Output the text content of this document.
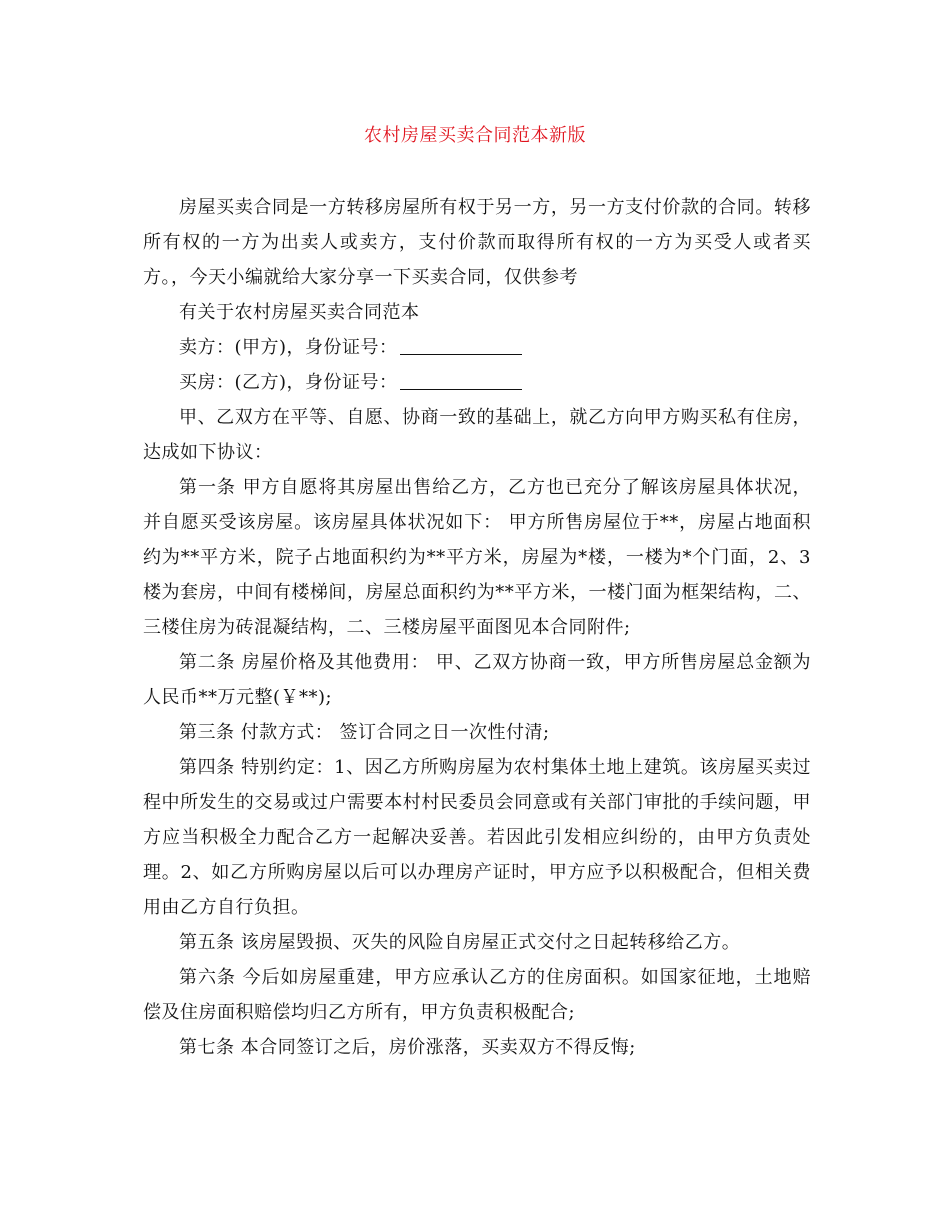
农村房屋买卖合同范本新版

房屋买卖合同是一方转移房屋所有权于另一方，另一方支付价款的合同。转移所有权的一方为出卖人或卖方，支付价款而取得所有权的一方为买受人或者买方。，今天小编就给大家分享一下买卖合同，仅供参考

有关于农村房屋买卖合同范本

卖方：(甲方)，身份证号：

买房：(乙方)，身份证号：

甲、乙双方在平等、自愿、协商一致的基础上，就乙方向甲方购买私有住房，达成如下协议：

第一条 甲方自愿将其房屋出售给乙方，乙方也已充分了解该房屋具体状况，并自愿买受该房屋。该房屋具体状况如下： 甲方所售房屋位于**，房屋占地面积约为**平方米，院子占地面积约为**平方米，房屋为*楼，一楼为*个门面，2、3楼为套房，中间有楼梯间，房屋总面积约为**平方米，一楼门面为框架结构，二、三楼住房为砖混凝结构，二、三楼房屋平面图见本合同附件;

第二条 房屋价格及其他费用： 甲、乙双方协商一致，甲方所售房屋总金额为人民币**万元整(￥**);

第三条 付款方式： 签订合同之日一次性付清;

第四条 特别约定：1、因乙方所购房屋为农村集体土地上建筑。该房屋买卖过程中所发生的交易或过户需要本村村民委员会同意或有关部门审批的手续问题，甲方应当积极全力配合乙方一起解决妥善。若因此引发相应纠纷的，由甲方负责处理。2、如乙方所购房屋以后可以办理房产证时，甲方应予以积极配合，但相关费用由乙方自行负担。

第五条 该房屋毁损、灭失的风险自房屋正式交付之日起转移给乙方。

第六条 今后如房屋重建，甲方应承认乙方的住房面积。如国家征地，土地赔偿及住房面积赔偿均归乙方所有，甲方负责积极配合;

第七条 本合同签订之后，房价涨落，买卖双方不得反悔;
